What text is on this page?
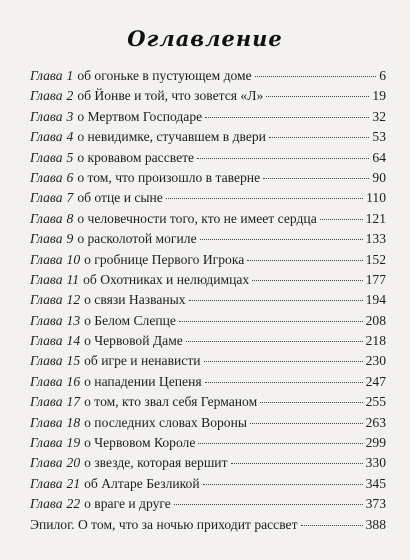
Оглавление
Глава 1 об огоньке в пустующем доме	6
Глава 2 об Йонве и той, что зовется «Л»	19
Глава 3 о Мертвом Господаре	32
Глава 4 о невидимке, стучавшем в двери	53
Глава 5 о кровавом рассвете	64
Глава 6 о том, что произошло в таверне	90
Глава 7 об отце и сыне	110
Глава 8 о человечности того, кто не имеет сердца	121
Глава 9 о расколотой могиле	133
Глава 10 о гробнице Первого Игрока	152
Глава 11 об Охотниках и нелюдимцах	177
Глава 12 о связи Названых	194
Глава 13 о Белом Слепце	208
Глава 14 о Червовой Даме	218
Глава 15 об игре и ненависти	230
Глава 16 о нападении Цепеня	247
Глава 17 о том, кто звал себя Германом	255
Глава 18 о последних словах Вороны	263
Глава 19 о Червовом Короле	299
Глава 20 о звезде, которая вершит	330
Глава 21 об Алтаре Безликой	345
Глава 22 о враге и друге	373
Эпилог. О том, что за ночью приходит рассвет	388
